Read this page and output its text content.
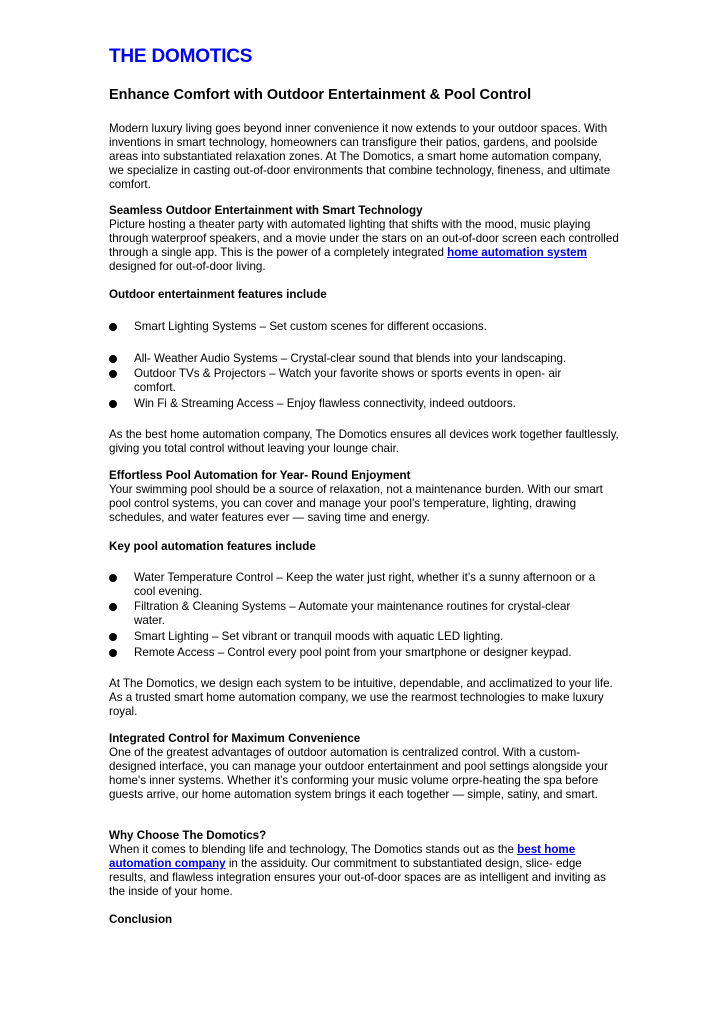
THE DOMOTICS
Enhance Comfort with Outdoor Entertainment & Pool Control

Modern luxury living goes beyond inner convenience it now extends to your outdoor spaces. With inventions in smart technology, homeowners can transfigure their patios, gardens, and poolside areas into substantiated relaxation zones. At The Domotics, a smart home automation company, we specialize in casting out-of-door environments that combine technology, fineness, and ultimate comfort.

Seamless Outdoor Entertainment with Smart Technology

Picture hosting a theater party with automated lighting that shifts with the mood, music playing through waterproof speakers, and a movie under the stars on an out-of-door screen each controlled through a single app. This is the power of a completely integrated home automation system designed for out-of-door living.

Outdoor entertainment features include

Smart Lighting Systems – Set custom scenes for different occasions.
All- Weather Audio Systems – Crystal-clear sound that blends into your landscaping.
Outdoor TVs & Projectors – Watch your favorite shows or sports events in open- air comfort.
Win Fi & Streaming Access – Enjoy flawless connectivity, indeed outdoors.

As the best home automation company, The Domotics ensures all devices work together faultlessly, giving you total control without leaving your lounge chair.

Effortless Pool Automation for Year- Round Enjoyment

Your swimming pool should be a source of relaxation, not a maintenance burden. With our smart pool control systems, you can cover and manage your pool’s temperature, lighting, drawing schedules, and water features ever — saving time and energy.

Key pool automation features include

Water Temperature Control – Keep the water just right, whether it’s a sunny afternoon or a cool evening.
Filtration & Cleaning Systems – Automate your maintenance routines for crystal-clear water.
Smart Lighting – Set vibrant or tranquil moods with aquatic LED lighting.
Remote Access – Control every pool point from your smartphone or designer keypad.

At The Domotics, we design each system to be intuitive, dependable, and acclimatized to your life. As a trusted smart home automation company, we use the rearmost technologies to make luxury royal.

Integrated Control for Maximum Convenience

One of the greatest advantages of outdoor automation is centralized control. With a custom-designed interface, you can manage your outdoor entertainment and pool settings alongside your home's inner systems. Whether it’s conforming your music volume orpre-heating the spa before guests arrive, our home automation system brings it each together — simple, satiny, and smart.

Why Choose The Domotics?

When it comes to blending life and technology, The Domotics stands out as the best home automation company in the assiduity. Our commitment to substantiated design, slice- edge results, and flawless integration ensures your out-of-door spaces are as intelligent and inviting as the inside of your home.

Conclusion
